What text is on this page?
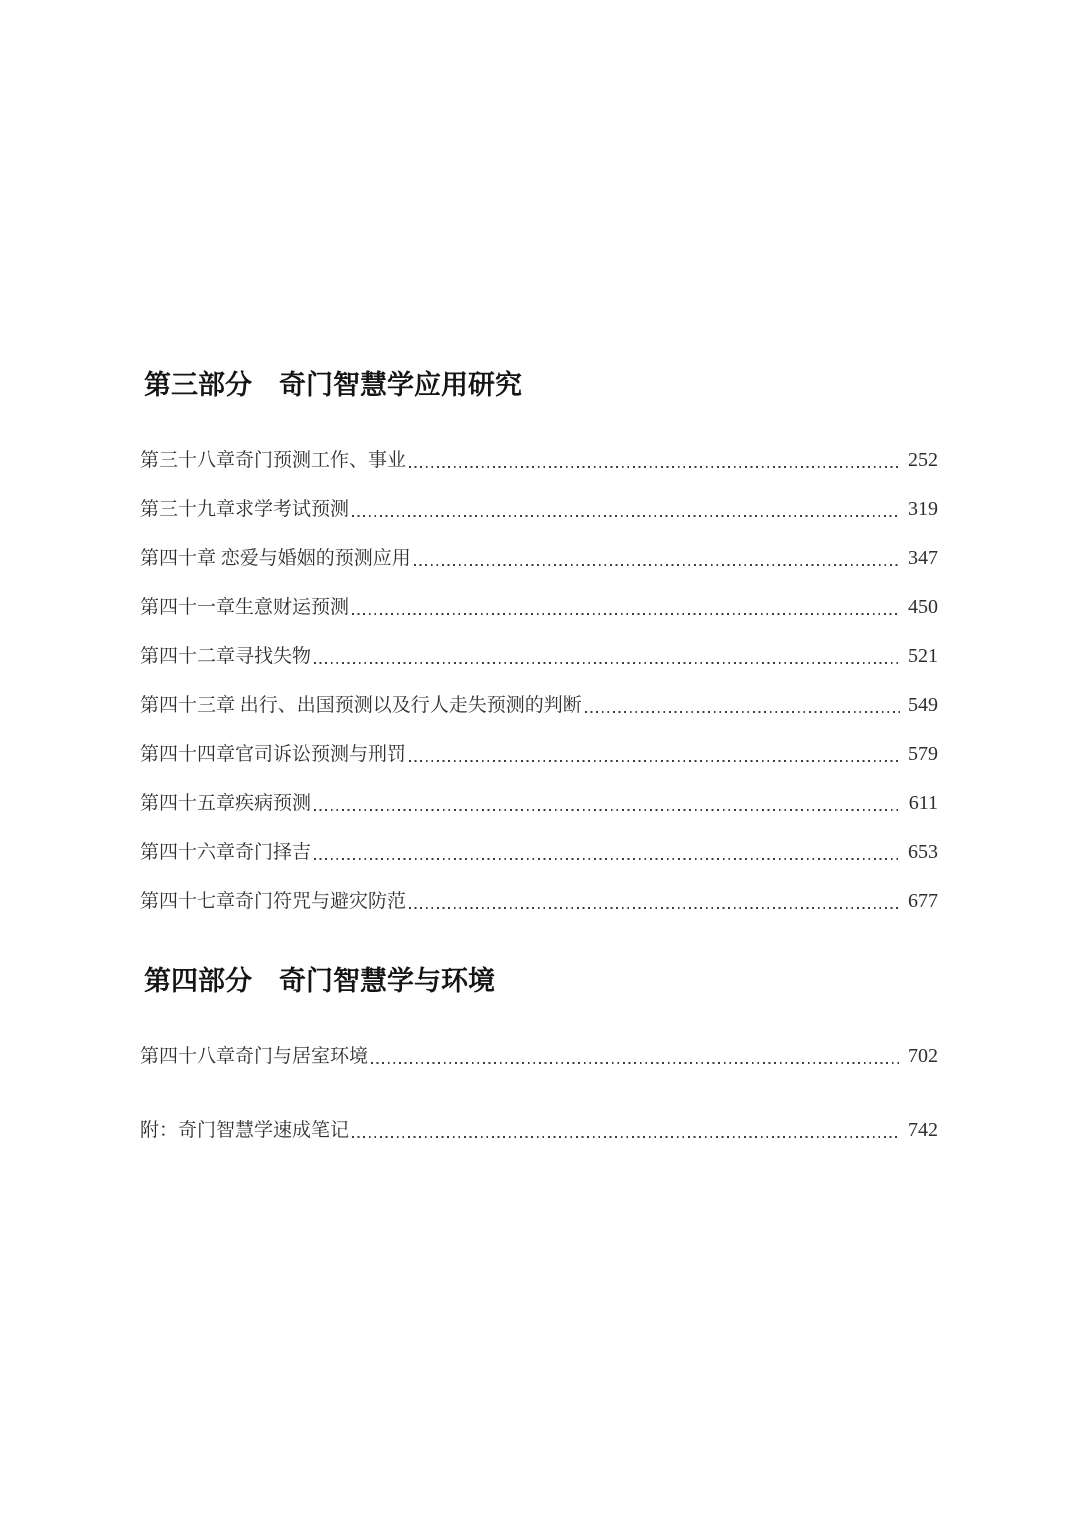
第三部分　奇门智慧学应用研究
第三十八章奇门预测工作、事业	252
第三十九章求学考试预测	319
第四十章 恋爱与婚姻的预测应用	347
第四十一章生意财运预测	450
第四十二章寻找失物	521
第四十三章 出行、出国预测以及行人走失预测的判断	549
第四十四章官司诉讼预测与刑罚	579
第四十五章疾病预测	611
第四十六章奇门择吉	653
第四十七章奇门符咒与避灾防范	677
第四部分　奇门智慧学与环境
第四十八章奇门与居室环境	702
附：奇门智慧学速成笔记	742
